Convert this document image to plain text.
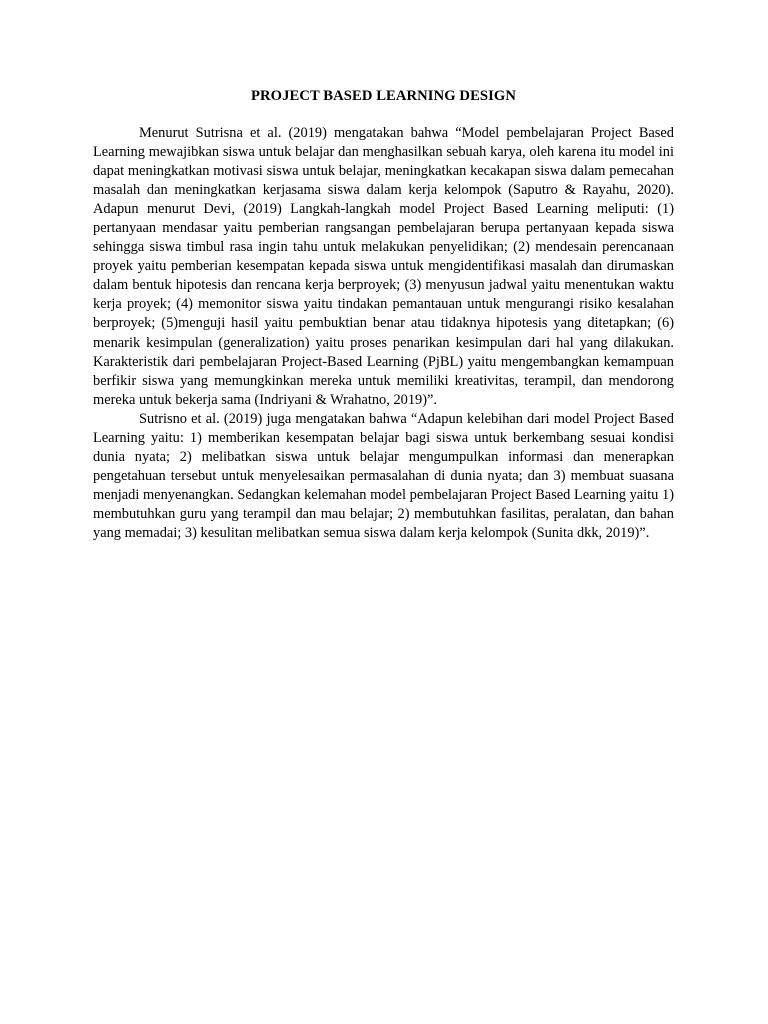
PROJECT BASED LEARNING DESIGN

Menurut Sutrisna et al. (2019) mengatakan bahwa “Model pembelajaran Project Based Learning mewajibkan siswa untuk belajar dan menghasilkan sebuah karya, oleh karena itu model ini dapat meningkatkan motivasi siswa untuk belajar, meningkatkan kecakapan siswa dalam pemecahan masalah dan meningkatkan kerjasama siswa dalam kerja kelompok (Saputro & Rayahu, 2020). Adapun menurut Devi, (2019) Langkah-langkah model Project Based Learning meliputi: (1) pertanyaan mendasar yaitu pemberian rangsangan pembelajaran berupa pertanyaan kepada siswa sehingga siswa timbul rasa ingin tahu untuk melakukan penyelidikan; (2) mendesain perencanaan proyek yaitu pemberian kesempatan kepada siswa untuk mengidentifikasi masalah dan dirumaskan dalam bentuk hipotesis dan rencana kerja berproyek; (3) menyusun jadwal yaitu menentukan waktu kerja proyek; (4) memonitor siswa yaitu tindakan pemantauan untuk mengurangi risiko kesalahan berproyek; (5)menguji hasil yaitu pembuktian benar atau tidaknya hipotesis yang ditetapkan; (6) menarik kesimpulan (generalization) yaitu proses penarikan kesimpulan dari hal yang dilakukan. Karakteristik dari pembelajaran Project-Based Learning (PjBL) yaitu mengembangkan kemampuan berfikir siswa yang memungkinkan mereka untuk memiliki kreativitas, terampil, dan mendorong mereka untuk bekerja sama (Indriyani & Wrahatno, 2019)”.

Sutrisno et al. (2019) juga mengatakan bahwa “Adapun kelebihan dari model Project Based Learning yaitu: 1) memberikan kesempatan belajar bagi siswa untuk berkembang sesuai kondisi dunia nyata; 2) melibatkan siswa untuk belajar mengumpulkan informasi dan menerapkan pengetahuan tersebut untuk menyelesaikan permasalahan di dunia nyata; dan 3) membuat suasana menjadi menyenangkan. Sedangkan kelemahan model pembelajaran Project Based Learning yaitu 1) membutuhkan guru yang terampil dan mau belajar; 2) membutuhkan fasilitas, peralatan, dan bahan yang memadai; 3) kesulitan melibatkan semua siswa dalam kerja kelompok (Sunita dkk, 2019)”.
